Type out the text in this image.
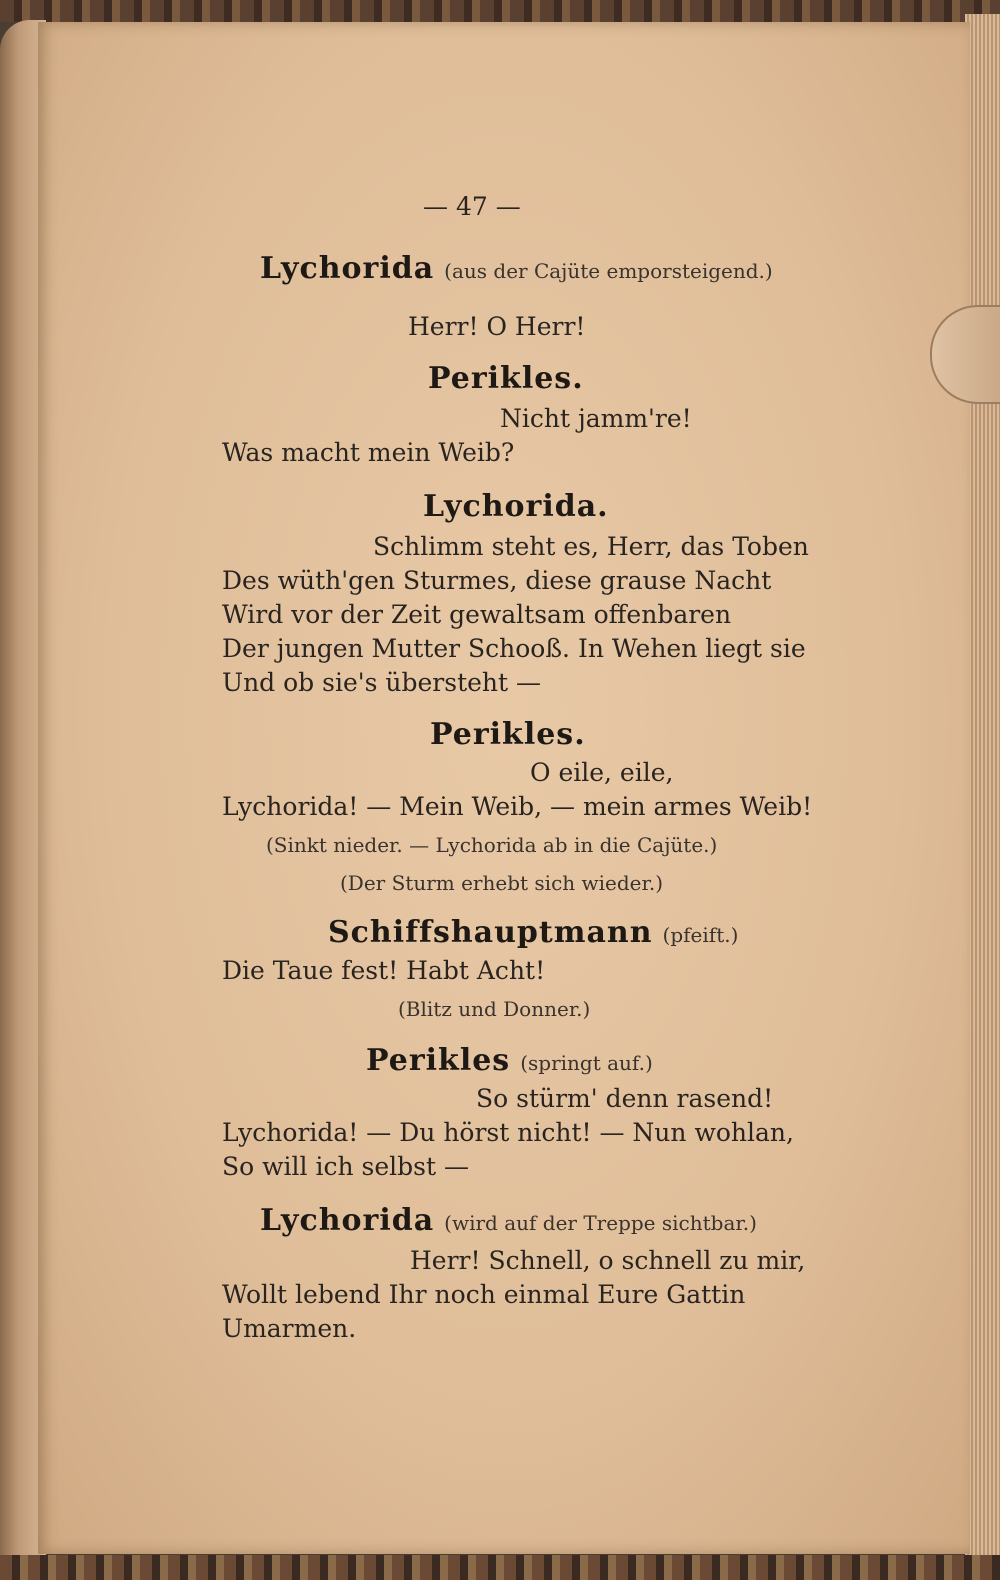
— 47 —
Lychorida (aus der Cajüte emporsteigend.)
Herr! O Herr!
Perikles.
Nicht jamm're!
Was macht mein Weib?
Lychorida.
Schlimm steht es, Herr, das Toben
Des wüth'gen Sturmes, diese grause Nacht
Wird vor der Zeit gewaltsam offenbaren
Der jungen Mutter Schooß. In Wehen liegt sie
Und ob sie's übersteht —
Perikles.
O eile, eile,
Lychorida! — Mein Weib, — mein armes Weib!
(Sinkt nieder. — Lychorida ab in die Cajüte.)
(Der Sturm erhebt sich wieder.)
Schiffshauptmann (pfeift.)
Die Taue fest! Habt Acht!
(Blitz und Donner.)
Perikles (springt auf.)
So stürm' denn rasend!
Lychorida! — Du hörst nicht! — Nun wohlan,
So will ich selbst —
Lychorida (wird auf der Treppe sichtbar.)
Herr! Schnell, o schnell zu mir,
Wollt lebend Ihr noch einmal Eure Gattin
Umarmen.
